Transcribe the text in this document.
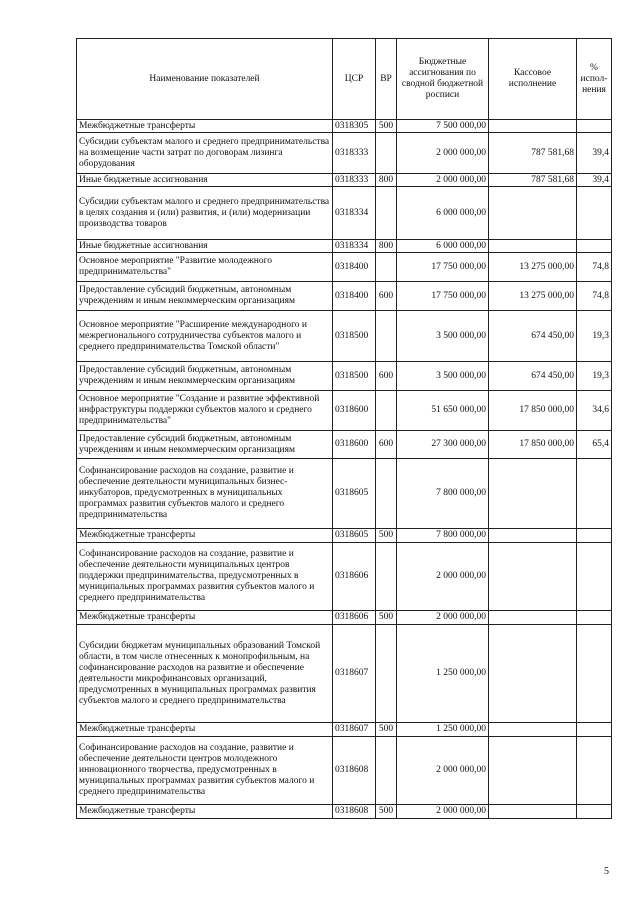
Наименование показателей	ЦСР	ВР	Бюджетные ассигнования по сводной бюджетной росписи	Кассовое исполнение	% испол-нения
Межбюджетные трансферты	0318305	500	7 500 000,00		
Субсидии субъектам малого и среднего предпринимательства на возмещение части затрат по договорам лизинга оборудования	0318333		2 000 000,00	787 581,68	39,4
Иные бюджетные ассигнования	0318333	800	2 000 000,00	787 581,68	39,4
Субсидии субъектам малого и среднего предпринимательства в целях создания и (или) развития, и (или) модернизации производства товаров	0318334		6 000 000,00		
Иные бюджетные ассигнования	0318334	800	6 000 000,00		
Основное мероприятие "Развитие молодежного предпринимательства"	0318400		17 750 000,00	13 275 000,00	74,8
Предоставление субсидий бюджетным, автономным учреждениям и иным некоммерческим организациям	0318400	600	17 750 000,00	13 275 000,00	74,8
Основное мероприятие "Расширение международного и межрегионального сотрудничества субъектов малого и среднего предпринимательства Томской области"	0318500		3 500 000,00	674 450,00	19,3
Предоставление субсидий бюджетным, автономным учреждениям и иным некоммерческим организациям	0318500	600	3 500 000,00	674 450,00	19,3
Основное мероприятие "Создание и развитие эффективной инфраструктуры поддержки субъектов малого и среднего предпринимательства"	0318600		51 650 000,00	17 850 000,00	34,6
Предоставление субсидий бюджетным, автономным учреждениям и иным некоммерческим организациям	0318600	600	27 300 000,00	17 850 000,00	65,4
Софинансирование расходов на создание, развитие и обеспечение деятельности муниципальных бизнес-инкубаторов, предусмотренных в муниципальных программах развития субъектов малого и среднего предпринимательства	0318605		7 800 000,00		
Межбюджетные трансферты	0318605	500	7 800 000,00		
Софинансирование расходов на создание, развитие и обеспечение деятельности муниципальных центров поддержки предпринимательства, предусмотренных в муниципальных программах развития субъектов малого и среднего предпринимательства	0318606		2 000 000,00		
Межбюджетные трансферты	0318606	500	2 000 000,00		
Субсидии бюджетам муниципальных образований Томской области, в том числе отнесенных к монопрофильным, на софинансирование расходов на развитие и обеспечение деятельности микрофинансовых организаций, предусмотренных в муниципальных программах развития субъектов малого и среднего предпринимательства	0318607		1 250 000,00		
Межбюджетные трансферты	0318607	500	1 250 000,00		
Софинансирование расходов на создание, развитие и обеспечение деятельности центров молодежного инновационного творчества, предусмотренных в муниципальных программах развития субъектов малого и среднего предпринимательства	0318608		2 000 000,00		
Межбюджетные трансферты	0318608	500	2 000 000,00		
5
